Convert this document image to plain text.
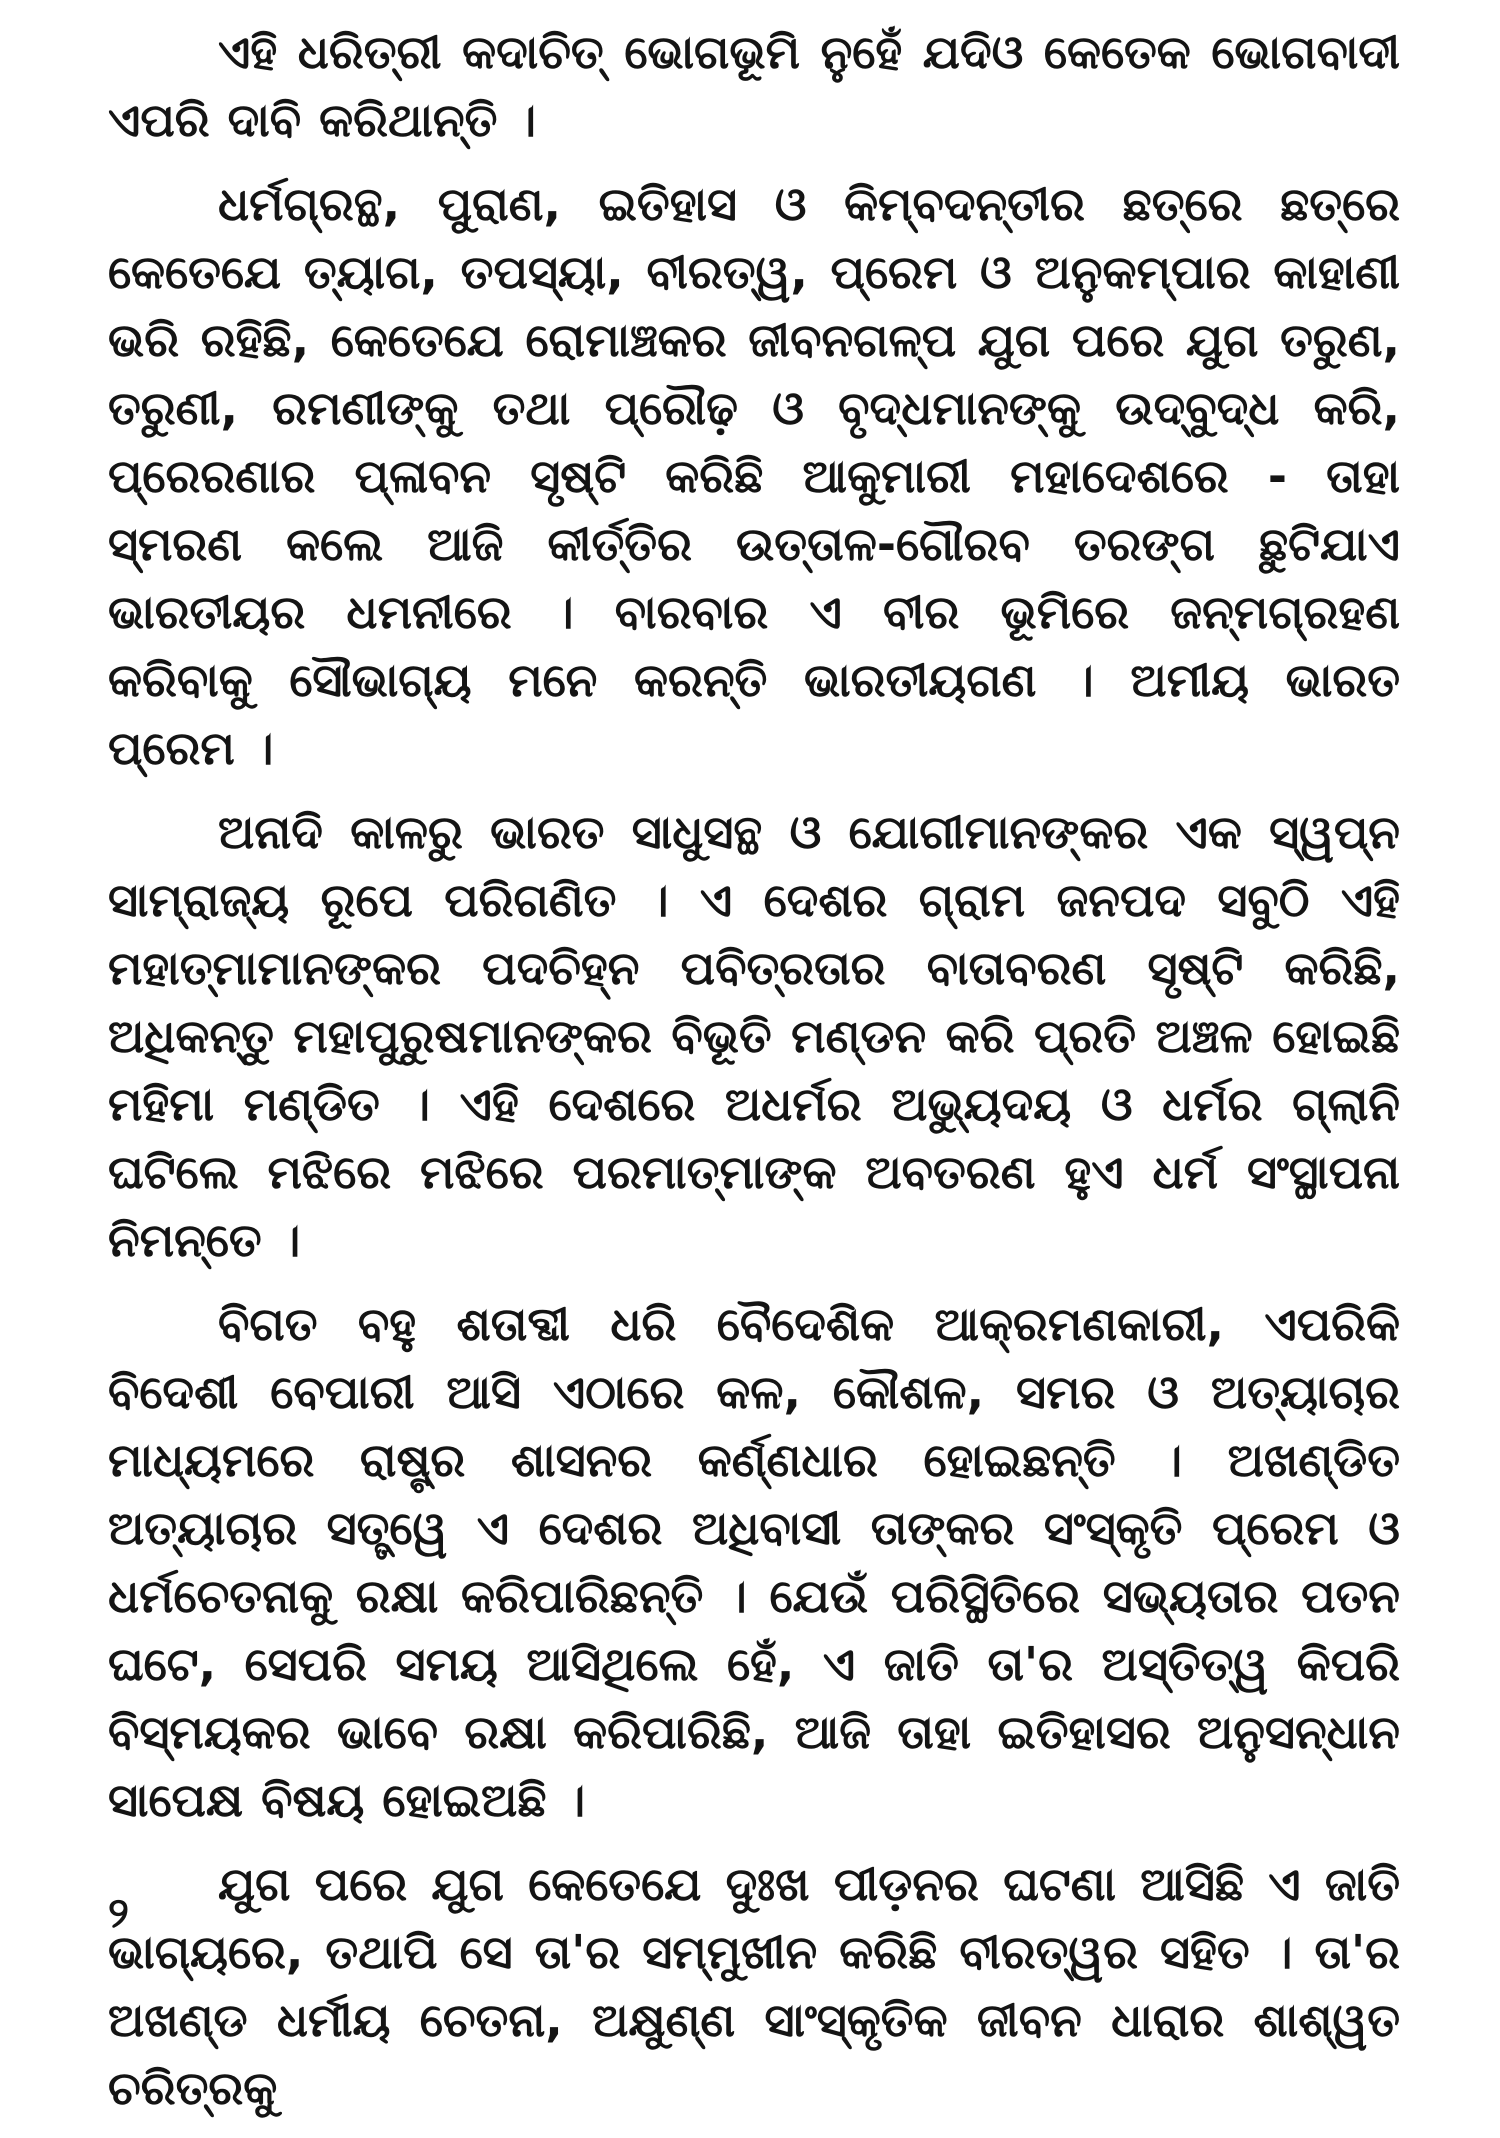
ଏହି ଧରିତ୍ରୀ କଦାଚିତ୍ ଭୋଗଭୂମି ନୁହେଁ ଯଦିଓ କେତେକ ଭୋଗବାଦୀ ଏପରି ଦାବି କରିଥାନ୍ତି ।

ଧର୍ମଗ୍ରନ୍ଥ, ପୁରାଣ, ଇତିହାସ ଓ କିମ୍ବଦନ୍ତୀର ଛତ୍ରେ ଛତ୍ରେ କେତେଯେ ତ୍ୟାଗ, ତପସ୍ୟା, ବୀରତ୍ୱ, ପ୍ରେମ ଓ ଅନୁକମ୍ପାର କାହାଣୀ ଭରି ରହିଛି, କେତେଯେ ରୋମାଞ୍ଚକର ଜୀବନଗଳ୍ପ ଯୁଗ ପରେ ଯୁଗ ତରୁଣ, ତରୁଣୀ, ରମଣୀଙ୍କୁ ତଥା ପ୍ରୌଢ଼ ଓ ବୃଦ୍ଧମାନଙ୍କୁ ଉଦ୍‌ବୁଦ୍ଧ କରି, ପ୍ରେରଣାର ପ୍ଳାବନ ସୃଷ୍ଟି କରିଛି ଆକୁମାରୀ ମହାଦେଶରେ - ତାହା ସ୍ମରଣ କଲେ ଆଜି କୀର୍ତ୍ତିର ଉତ୍ତାଳ-ଗୌରବ ତରଙ୍ଗ ଛୁଟିଯାଏ ଭାରତୀୟର ଧମନୀରେ । ବାରବାର ଏ ବୀର ଭୂମିରେ ଜନ୍ମଗ୍ରହଣ କରିବାକୁ ସୌଭାଗ୍ୟ ମନେ କରନ୍ତି ଭାରତୀୟଗଣ । ଅମୀୟ ଭାରତ ପ୍ରେମ ।

ଅନାଦି କାଳରୁ ଭାରତ ସାଧୁସନ୍ଥ ଓ ଯୋଗୀମାନଙ୍କର ଏକ ସ୍ୱପ୍ନ ସାମ୍ରାଜ୍ୟ ରୂପେ ପରିଗଣିତ । ଏ ଦେଶର ଗ୍ରାମ ଜନପଦ ସବୁଠି ଏହି ମହାତ୍ମାମାନଙ୍କର ପଦଚିହ୍ନ ପବିତ୍ରତାର ବାତାବରଣ ସୃଷ୍ଟି କରିଛି, ଅଧିକନ୍ତୁ ମହାପୁରୁଷମାନଙ୍କର ବିଭୂତି ମଣ୍ଡନ କରି ପ୍ରତି ଅଞ୍ଚଳ ହୋଇଛି ମହିମା ମଣ୍ଡିତ । ଏହି ଦେଶରେ ଅଧର୍ମର ଅଭ୍ୟୁଦୟ ଓ ଧର୍ମର ଗ୍ଲାନି ଘଟିଲେ ମଝିରେ ମଝିରେ ପରମାତ୍ମାଙ୍କ ଅବତରଣ ହୁଏ ଧର୍ମ ସଂସ୍ଥାପନା ନିମନ୍ତେ ।

ବିଗତ ବହୁ ଶତାବ୍ଦୀ ଧରି ବୈଦେଶିକ ଆକ୍ରମଣକାରୀ, ଏପରିକି ବିଦେଶୀ ବେପାରୀ ଆସି ଏଠାରେ କଳ, କୌଶଳ, ସମର ଓ ଅତ୍ୟାଚାର ମାଧ୍ୟମରେ ରାଷ୍ଟ୍ର ଶାସନର କର୍ଣ୍ଣଧାର ହୋଇଛନ୍ତି । ଅଖଣ୍ଡିତ ଅତ୍ୟାଚାର ସତ୍ତ୍ୱେ ଏ ଦେଶର ଅଧିବାସୀ ତାଙ୍କର ସଂସ୍କୃତି ପ୍ରେମ ଓ ଧର୍ମଚେତନାକୁ ରକ୍ଷା କରିପାରିଛନ୍ତି । ଯେଉଁ ପରିସ୍ଥିତିରେ ସଭ୍ୟତାର ପତନ ଘଟେ, ସେପରି ସମୟ ଆସିଥିଲେ ହେଁ, ଏ ଜାତି ତା'ର ଅସ୍ତିତ୍ୱ କିପରି ବିସ୍ମୟକର ଭାବେ ରକ୍ଷା କରିପାରିଛି, ଆଜି ତାହା ଇତିହାସର ଅନୁସନ୍ଧାନ ସାପେକ୍ଷ ବିଷୟ ହୋଇଅଛି ।

ଯୁଗ ପରେ ଯୁଗ କେତେଯେ ଦୁଃଖ ପୀଡ଼ନର ଘଟଣା ଆସିଛି ଏ ଜାତି ଭାଗ୍ୟରେ, ତଥାପି ସେ ତା'ର ସମ୍ମୁଖୀନ କରିଛି ବୀରତ୍ୱର ସହିତ । ତା'ର ଅଖଣ୍ଡ ଧର୍ମୀୟ ଚେତନା, ଅକ୍ଷୁଣ୍ଣ ସାଂସ୍କୃତିକ ଜୀବନ ଧାରାର ଶାଶ୍ୱତ ଚରିତ୍ରକୁ

୨
